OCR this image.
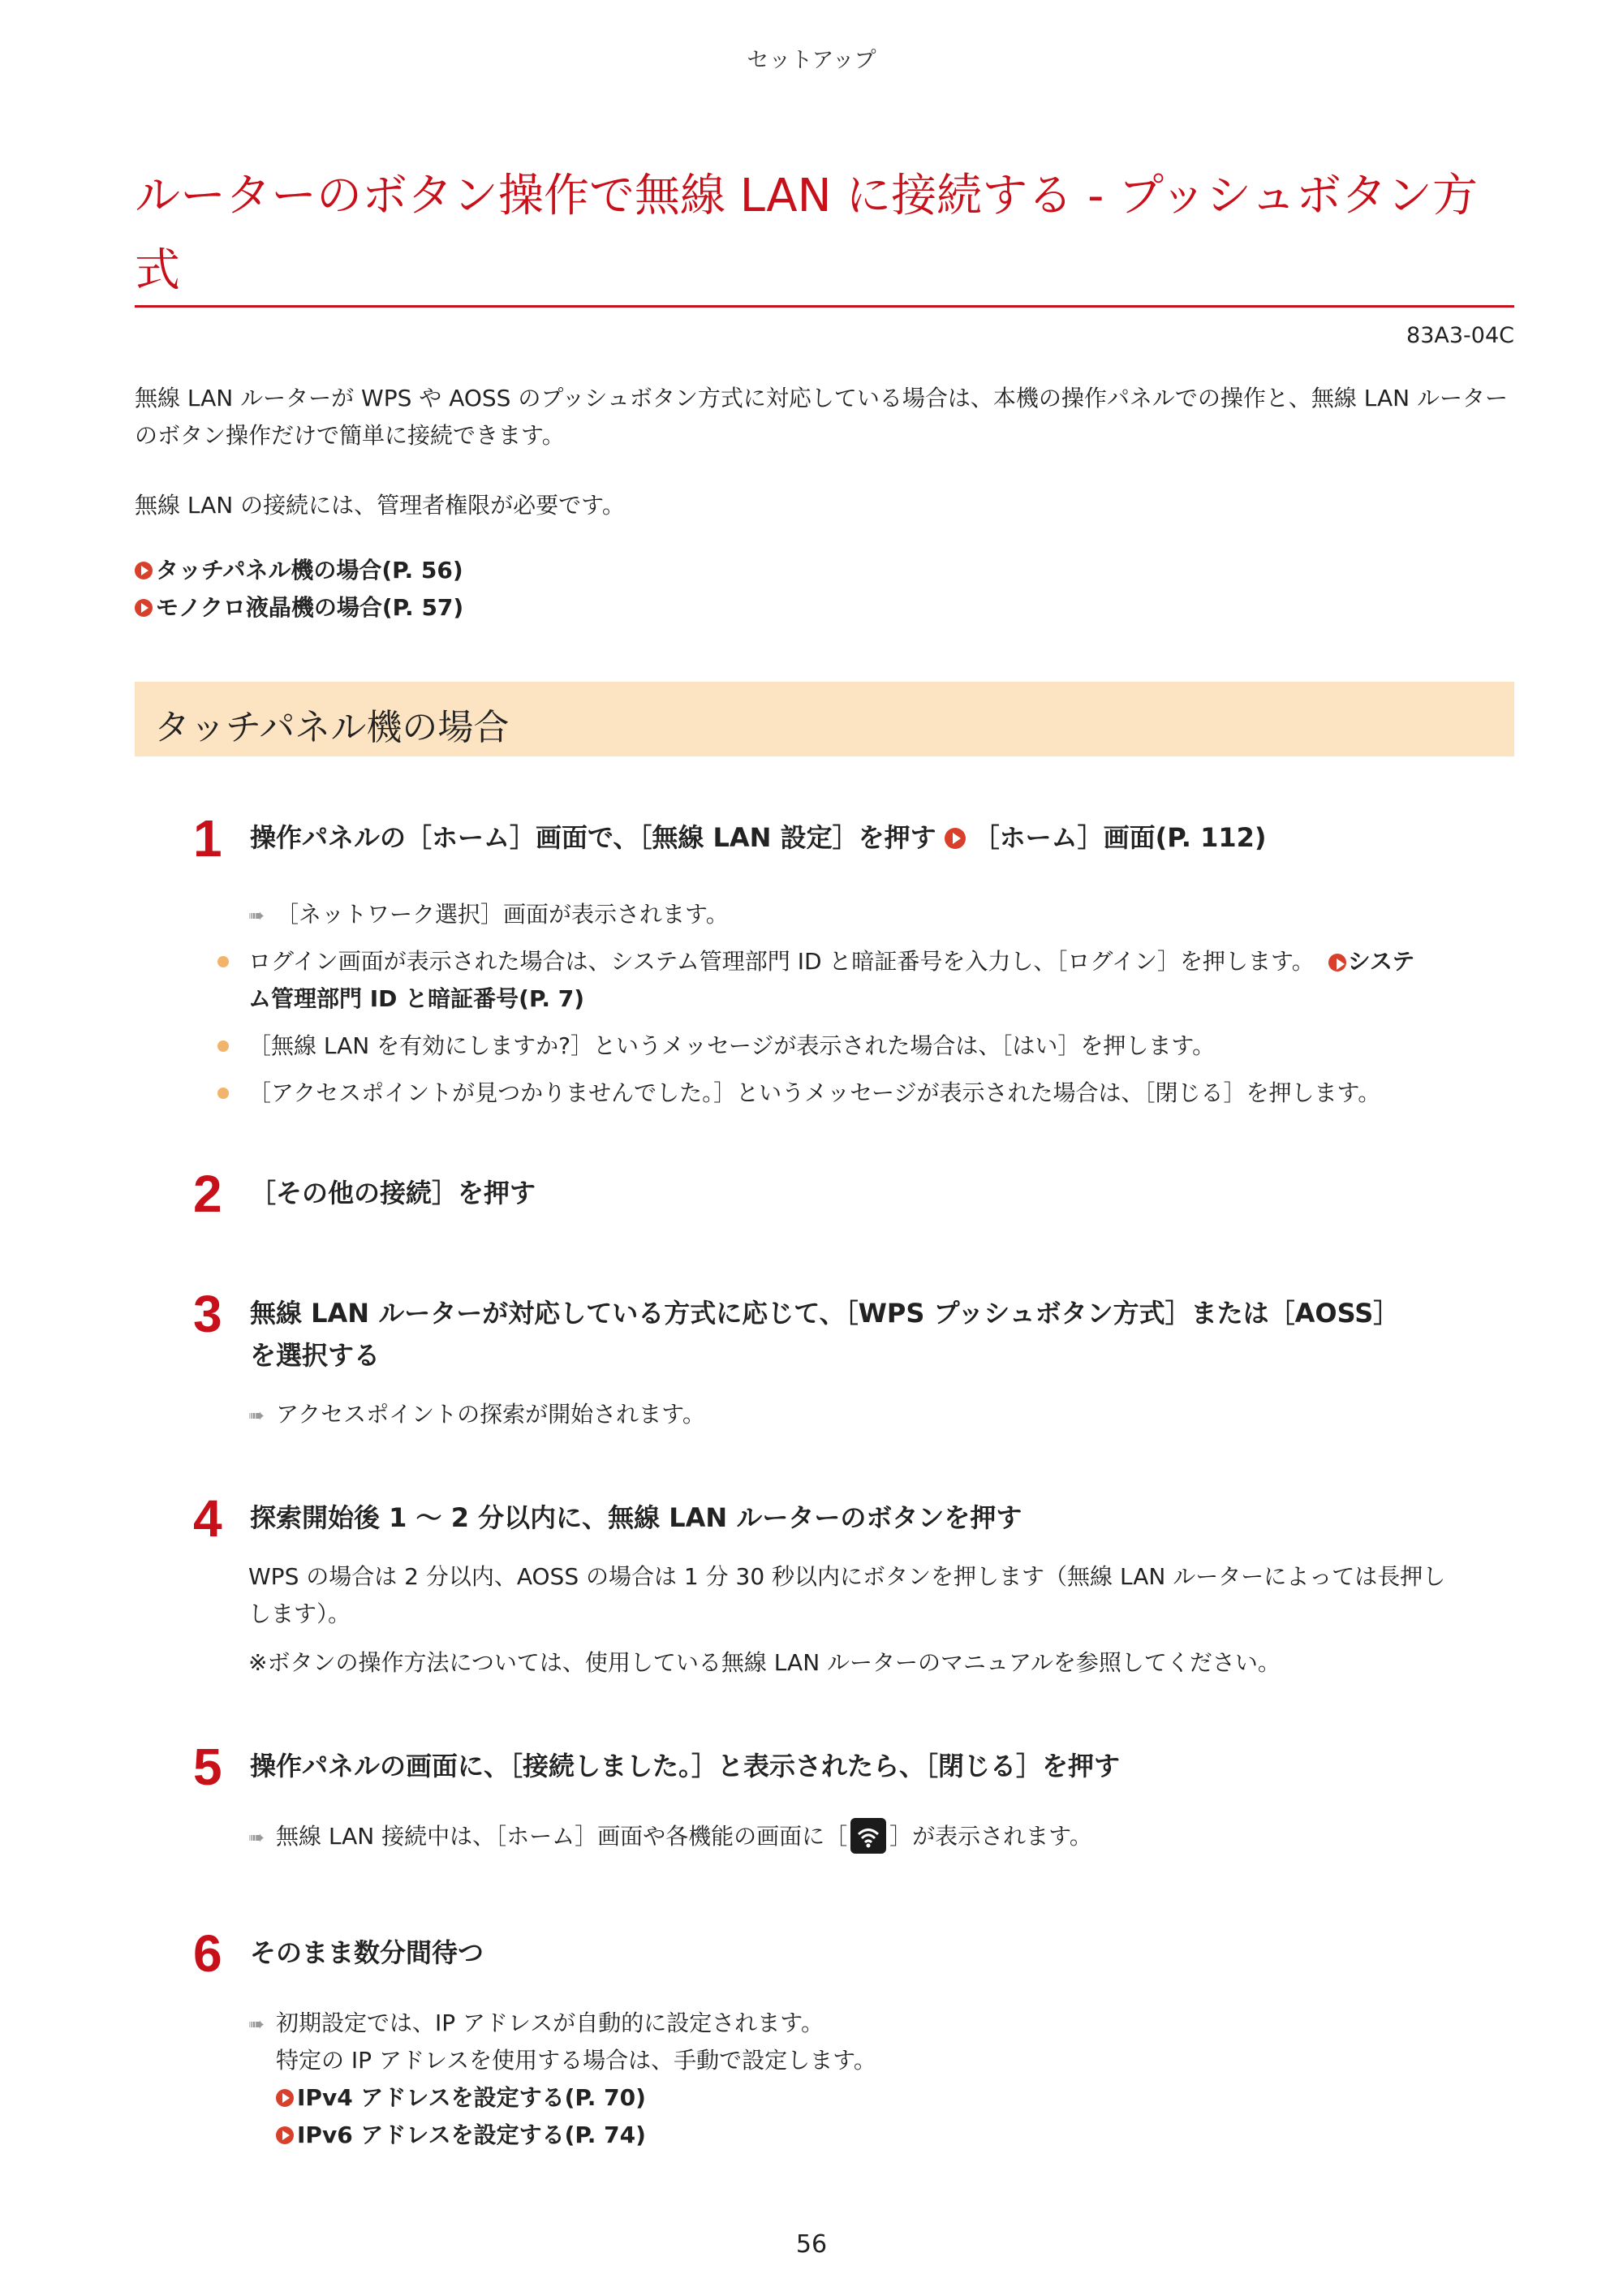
セットアップ
ルーターのボタン操作で無線 LAN に接続する - プッシュボタン方式
83A3-04C

無線 LAN ルーターが WPS や AOSS のプッシュボタン方式に対応している場合は、本機の操作パネルでの操作と、無線 LAN ルーターのボタン操作だけで簡単に接続できます。

無線 LAN の接続には、管理者権限が必要です。

タッチパネル機の場合(P. 56)
モノクロ液晶機の場合(P. 57)
タッチパネル機の場合
1 操作パネルの［ホーム］画面で、［無線 LAN 設定］を押す ［ホーム］画面(P. 112)

➠ ［ネットワーク選択］画面が表示されます。
ログイン画面が表示された場合は、システム管理部門 ID と暗証番号を入力し、［ログイン］を押します。 システ
ム管理部門 ID と暗証番号(P. 7)
［無線 LAN を有効にしますか?］というメッセージが表示された場合は、［はい］を押します。
［アクセスポイントが見つかりませんでした。］というメッセージが表示された場合は、［閉じる］を押します。
2 ［その他の接続］を押す

3 無線 LAN ルーターが対応している方式に応じて、［WPS プッシュボタン方式］または［AOSS］
を選択する

➠ アクセスポイントの探索が開始されます。
4 探索開始後 1 〜 2 分以内に、無線 LAN ルーターのボタンを押す

WPS の場合は 2 分以内、AOSS の場合は 1 分 30 秒以内にボタンを押します（無線 LAN ルーターによっては長押し
します）。

※ボタンの操作方法については、使用している無線 LAN ルーターのマニュアルを参照してください。

5 操作パネルの画面に、［接続しました。］と表示されたら、［閉じる］を押す

➠ 無線 LAN 接続中は、［ホーム］画面や各機能の画面に［ ］が表示されます。
6 そのまま数分間待つ

➠ 初期設定では、IP アドレスが自動的に設定されます。
特定の IP アドレスを使用する場合は、手動で設定します。
IPv4 アドレスを設定する(P. 70)
IPv6 アドレスを設定する(P. 74)
56
